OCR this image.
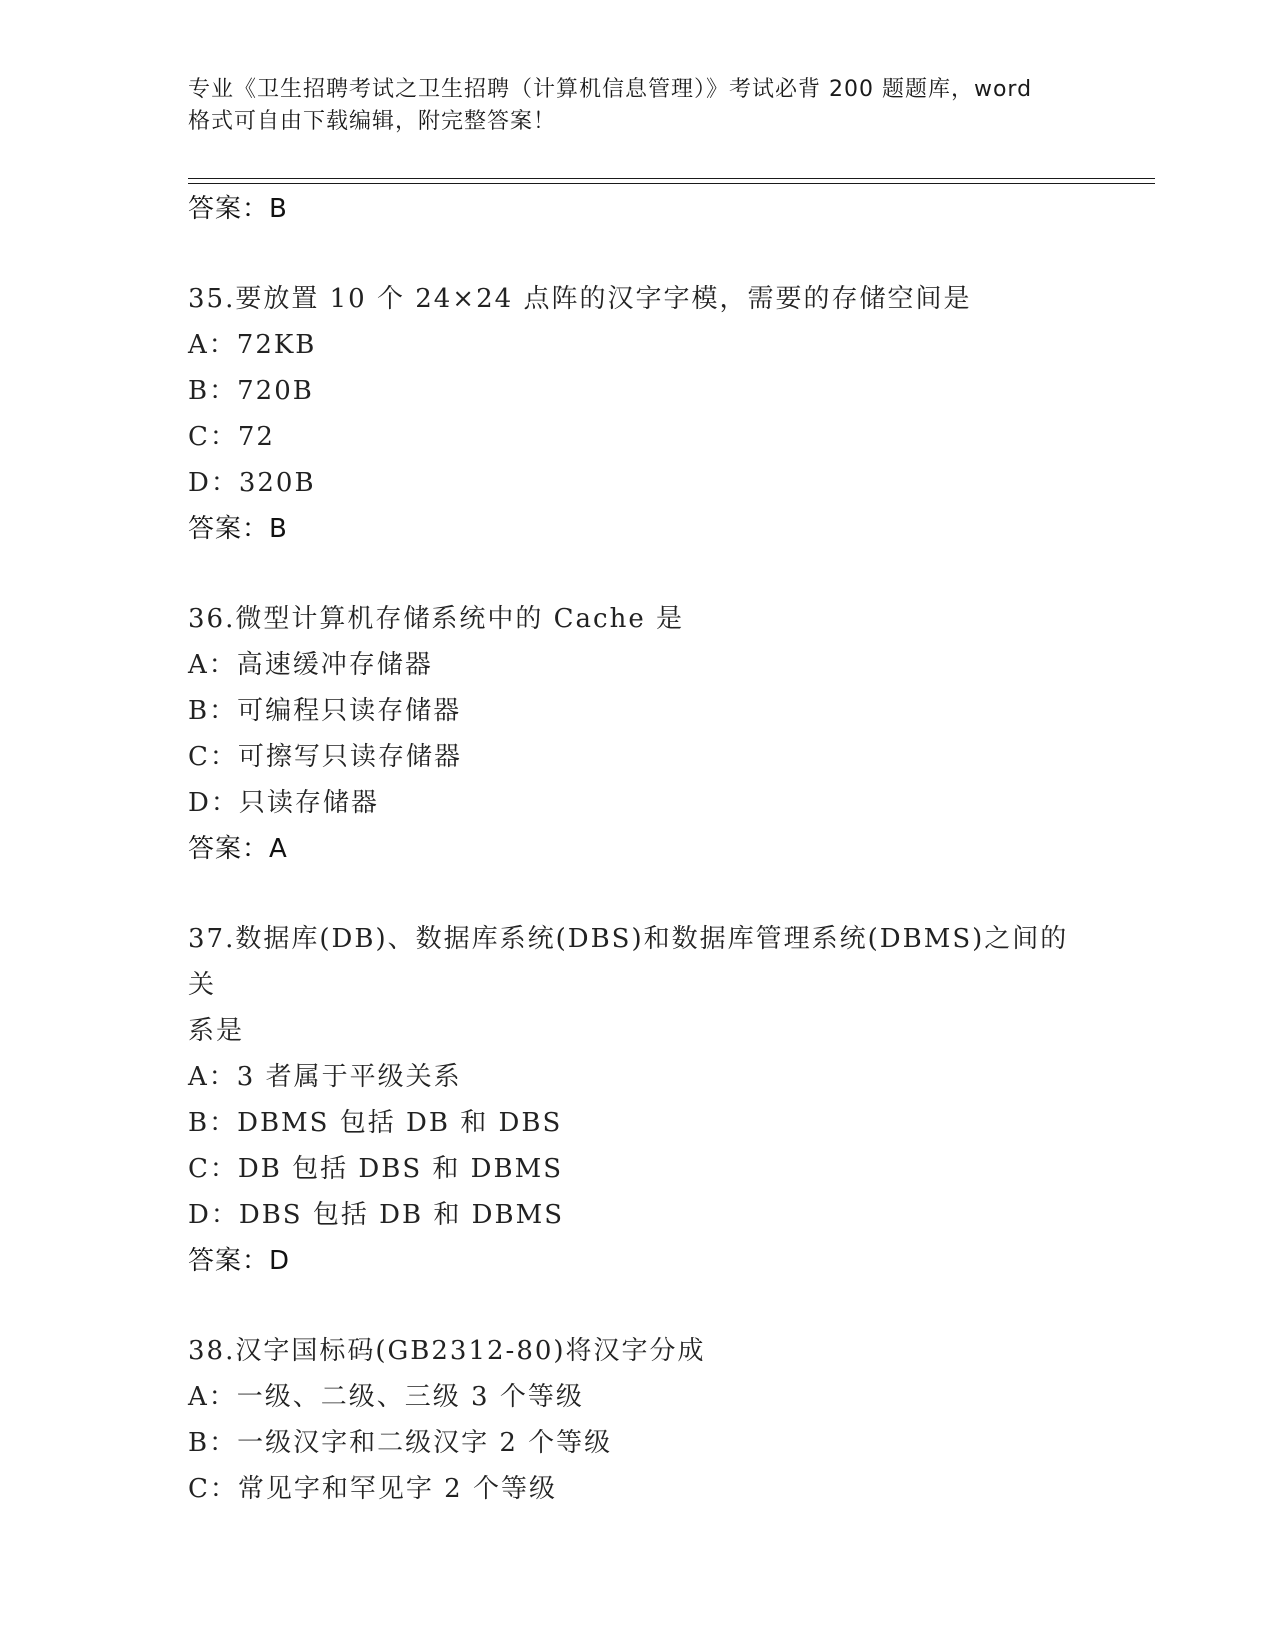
专业《卫生招聘考试之卫生招聘（计算机信息管理）》考试必背 200 题题库，word
格式可自由下载编辑，附完整答案！
答案：B
35.要放置 10 个 24×24 点阵的汉字字模，需要的存储空间是
A：72KB
B：720B
C：72
D：320B
答案：B
36.微型计算机存储系统中的 Cache 是
A：高速缓冲存储器
B：可编程只读存储器
C：可擦写只读存储器
D：只读存储器
答案：A
37.数据库(DB)、数据库系统(DBS)和数据库管理系统(DBMS)之间的关
系是
A：3 者属于平级关系
B：DBMS 包括 DB 和 DBS
C：DB 包括 DBS 和 DBMS
D：DBS 包括 DB 和 DBMS
答案：D
38.汉字国标码(GB2312-80)将汉字分成
A：一级、二级、三级 3 个等级
B：一级汉字和二级汉字 2 个等级
C：常见字和罕见字 2 个等级
